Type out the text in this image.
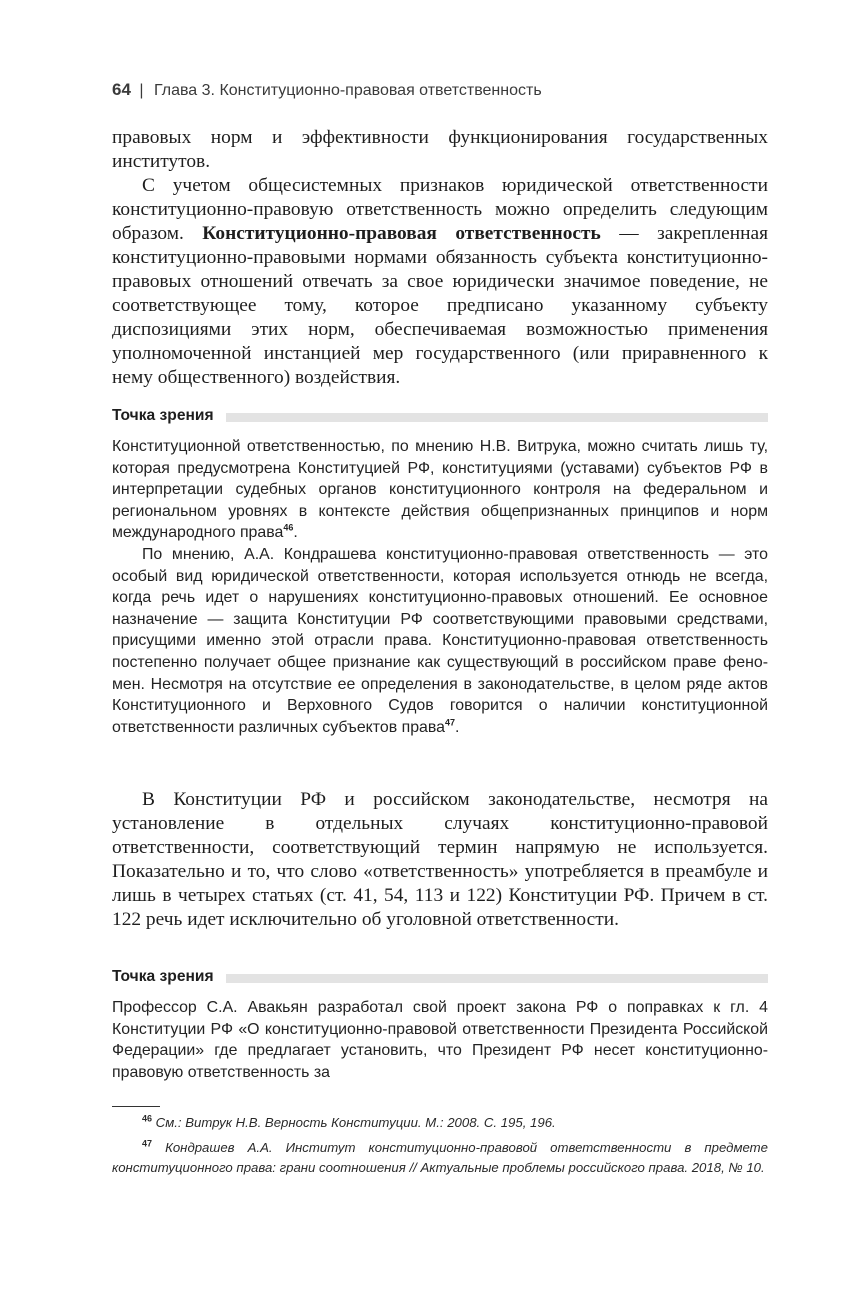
64 | Глава 3. Конституционно-правовая ответственность

правовых норм и эффективности функционирования государственных институтов.

С учетом общесистемных признаков юридической ответственности конституционно-правовую ответственность можно определить следующим образом. Конституционно-правовая ответственность — закрепленная конституционно-правовыми нормами обязанность субъекта конституционно-правовых отношений отвечать за свое юридически значимое поведение, не соответствующее тому, которое предписано указанному субъекту диспозициями этих норм, обеспечиваемая возможностью применения уполномоченной инстанцией мер государственного (или приравненного к нему общественного) воздействия.

Точка зрения

Конституционной ответственностью, по мнению Н.В. Витрука, можно считать лишь ту, которая предусмотрена Конституцией РФ, конституциями (уставами) субъектов РФ в интерпретации судебных органов конституционного контроля на федеральном и региональном уровнях в контексте действия общепризнанных принципов и норм международного права$^{46}$.

По мнению, А.А. Кондрашева конституционно-правовая ответственность — это особый вид юридической ответственности, которая используется отнюдь не всегда, когда речь идет о нарушениях конституционно-правовых отношений. Ее основное назначение — защита Конституции РФ соответствующими правовыми средствами, присущими именно этой отрасли права. Конституционно-правовая ответственность постепенно получает общее признание как существующий в российском праве феномен. Несмотря на отсутствие ее определения в законодательстве, в целом ряде актов Конституционного и Верховного Судов говорится о наличии конституционной ответственности различных субъектов права$^{47}$.

В Конституции РФ и российском законодательстве, несмотря на установление в отдельных случаях конституционно-правовой ответственности, соответствующий термин напрямую не используется. Показательно и то, что слово «ответственность» употребляется в преамбуле и лишь в четырех статьях (ст. 41, 54, 113 и 122) Конституции РФ. Причем в ст. 122 речь идет исключительно об уголовной ответственности.

Точка зрения

Профессор С.А. Авакьян разработал свой проект закона РФ о поправках к гл. 4 Конституции РФ «О конституционно-правовой ответственности Президента Российской Федерации» где предлагает установить, что Президент РФ несет конституционно-правовую ответственность за

$^{46}$ См.: Витрук Н.В. Верность Конституции. М.: 2008. С. 195, 196.

$^{47}$ Кондрашев А.А. Институт конституционно-правовой ответственности в предмете конституционного права: грани соотношения // Актуальные проблемы российского права. 2018, № 10.
